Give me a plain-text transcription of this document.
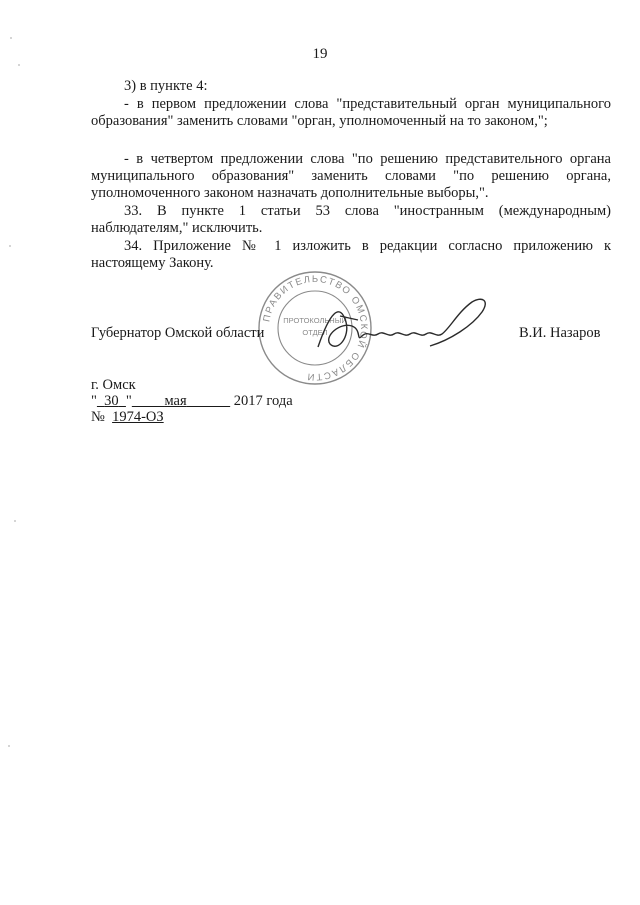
19
3) в пункте 4:
- в первом предложении слова "представительный орган муниципального образования" заменить словами "орган, уполномоченный на то законом,";
- в четвертом предложении слова "по решению представительного органа муниципального образования" заменить словами "по решению органа, уполномоченного законом назначать дополнительные выборы,".
33. В пункте 1 статьи 53 слова "иностранным (международным) наблюдателям," исключить.
34. Приложение № 1 изложить в редакции согласно приложению к настоящему Закону.
ПРАВИТЕЛЬСТВО ОМСКОЙ ОБЛАСТИ
ПРОТОКОЛЬНЫЙ
ОТДЕЛ
Губернатор Омской области	В.И. Назаров
г. Омск
" 30 " мая	2017 года
№ 1974-ОЗ
